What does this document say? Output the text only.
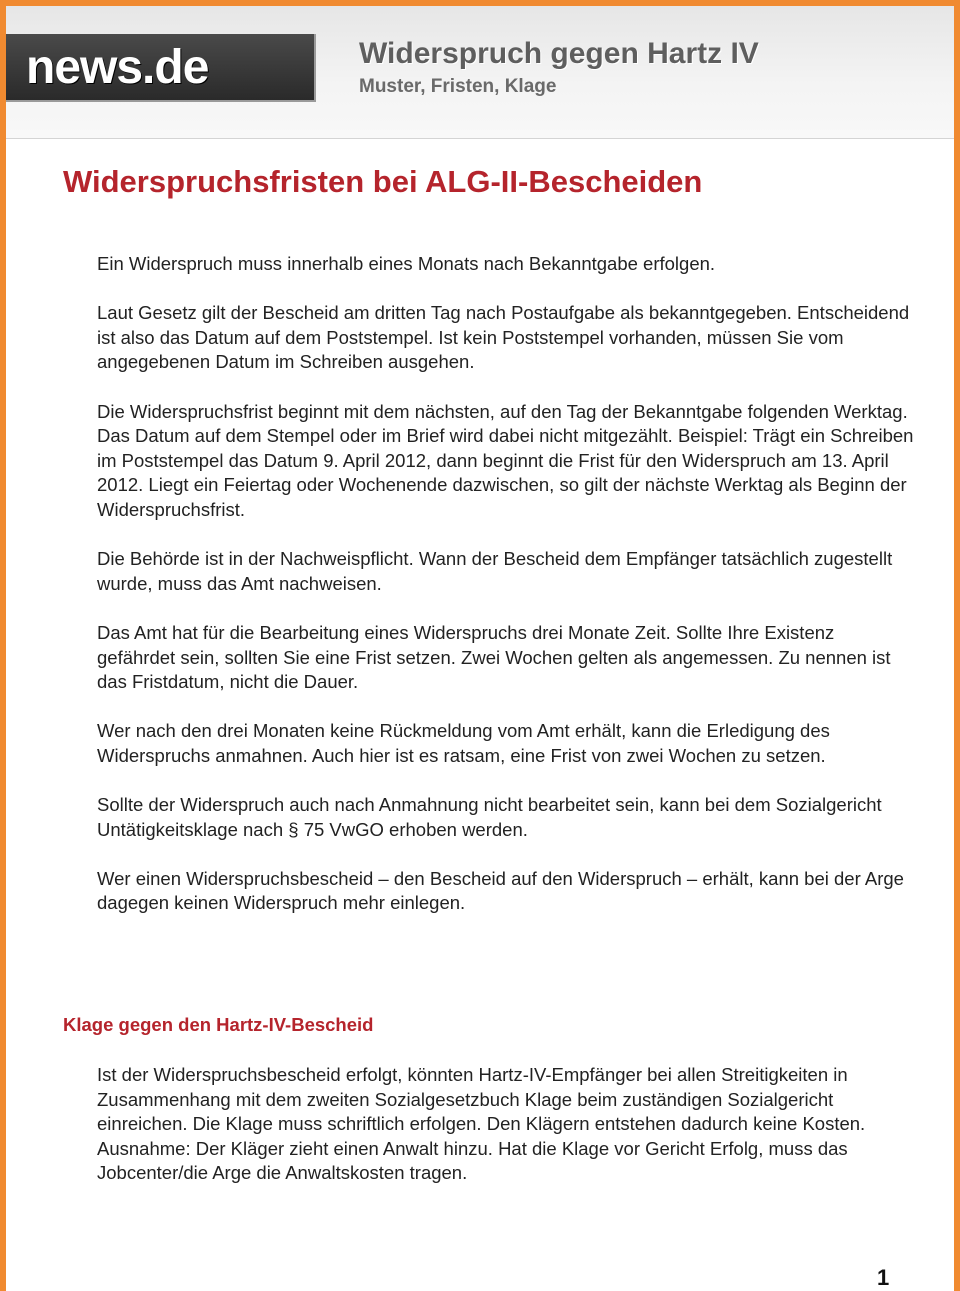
news.de	Widerspruch gegen Hartz IV
Muster, Fristen, Klage
Widerspruchsfristen bei ALG-II-Bescheiden

Ein Widerspruch muss innerhalb eines Monats nach Bekanntgabe erfolgen.

Laut Gesetz gilt der Bescheid am dritten Tag nach Postaufgabe als bekanntgegeben. Entscheidend ist also das Datum auf dem Poststempel. Ist kein Poststempel vorhanden, müssen Sie vom angegebenen Datum im Schreiben ausgehen.

Die Widerspruchsfrist beginnt mit dem nächsten, auf den Tag der Bekanntgabe folgenden Werktag. Das Datum auf dem Stempel oder im Brief wird dabei nicht mitgezählt. Beispiel: Trägt ein Schreiben im Poststempel das Datum 9. April 2012, dann beginnt die Frist für den Widerspruch am 13. April 2012. Liegt ein Feiertag oder Wochenende dazwischen, so gilt der nächste Werktag als Beginn der Widerspruchsfrist.

Die Behörde ist in der Nachweispflicht. Wann der Bescheid dem Empfänger tatsächlich zugestellt wurde, muss das Amt nachweisen.

Das Amt hat für die Bearbeitung eines Widerspruchs drei Monate Zeit. Sollte Ihre Existenz gefährdet sein, sollten Sie eine Frist setzen. Zwei Wochen gelten als angemessen. Zu nennen ist das Fristdatum, nicht die Dauer.

Wer nach den drei Monaten keine Rückmeldung vom Amt erhält, kann die Erledigung des Widerspruchs anmahnen. Auch hier ist es ratsam, eine Frist von zwei Wochen zu setzen.

Sollte der Widerspruch auch nach Anmahnung nicht bearbeitet sein, kann bei dem Sozialgericht Untätigkeitsklage nach § 75 VwGO erhoben werden.

Wer einen Widerspruchsbescheid – den Bescheid auf den Widerspruch – erhält, kann bei der Arge dagegen keinen Widerspruch mehr einlegen.

Klage gegen den Hartz-IV-Bescheid

Ist der Widerspruchsbescheid erfolgt, könnten Hartz-IV-Empfänger bei allen Streitigkeiten in Zusammenhang mit dem zweiten Sozialgesetzbuch Klage beim zuständigen Sozialgericht einreichen. Die Klage muss schriftlich erfolgen. Den Klägern entstehen dadurch keine Kosten. Ausnahme: Der Kläger zieht einen Anwalt hinzu. Hat die Klage vor Gericht Erfolg, muss das Jobcenter/die Arge die Anwaltskosten tragen.

1
